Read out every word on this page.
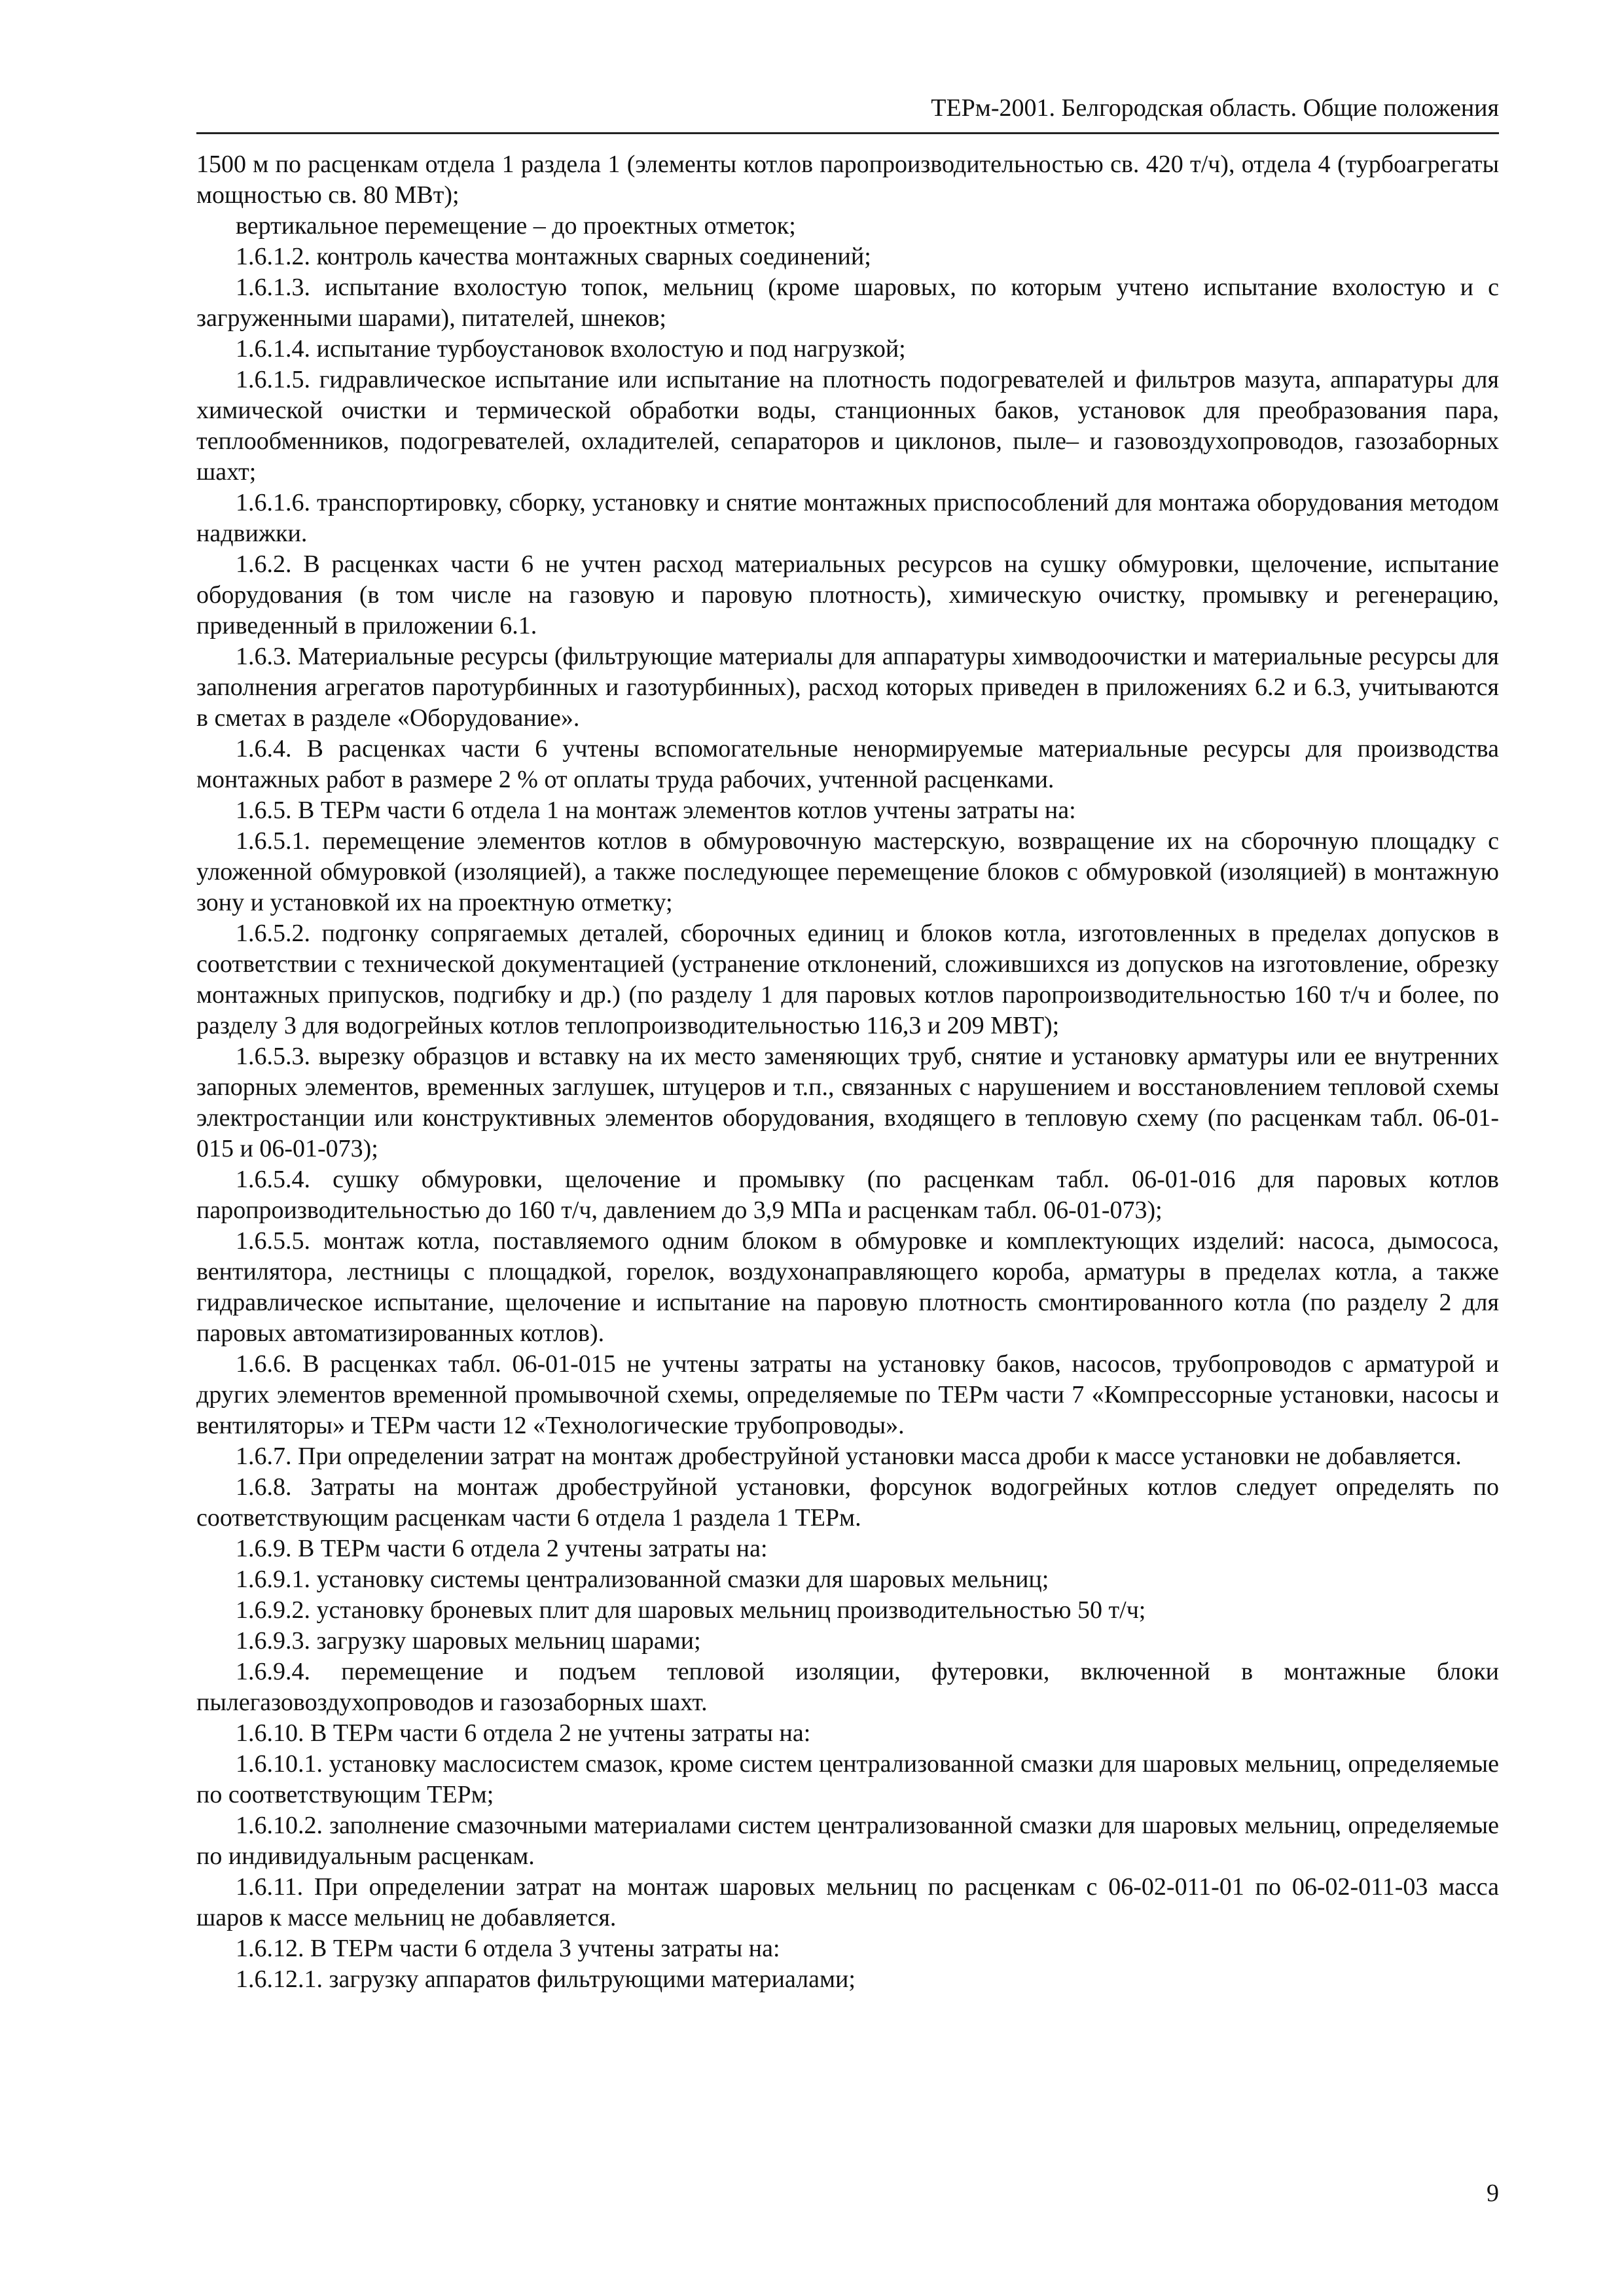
ТЕРм-2001. Белгородская область. Общие положения

1500 м по расценкам отдела 1 раздела 1 (элементы котлов паропроизводительностью св. 420 т/ч), отдела 4 (турбоагрегаты мощностью св. 80 МВт);

вертикальное перемещение – до проектных отметок;

1.6.1.2. контроль качества монтажных сварных соединений;

1.6.1.3. испытание вхолостую топок, мельниц (кроме шаровых, по которым учтено испытание вхолостую и с загруженными шарами), питателей, шнеков;

1.6.1.4. испытание турбоустановок вхолостую и под нагрузкой;

1.6.1.5. гидравлическое испытание или испытание на плотность подогревателей и фильтров мазута, аппаратуры для химической очистки и термической обработки воды, станционных баков, установок для преобразования пара, теплообменников, подогревателей, охладителей, сепараторов и циклонов, пыле– и газовоздухопроводов, газозаборных шахт;

1.6.1.6. транспортировку, сборку, установку и снятие монтажных приспособлений для монтажа оборудования методом надвижки.

1.6.2. В расценках части 6 не учтен расход материальных ресурсов на сушку обмуровки, щелочение, испытание оборудования (в том числе на газовую и паровую плотность), химическую очистку, промывку и регенерацию, приведенный в приложении 6.1.

1.6.3. Материальные ресурсы (фильтрующие материалы для аппаратуры химводоочистки и материальные ресурсы для заполнения агрегатов паротурбинных и газотурбинных), расход которых приведен в приложениях 6.2 и 6.3, учитываются в сметах в разделе «Оборудование».

1.6.4. В расценках части 6 учтены вспомогательные ненормируемые материальные ресурсы для производства монтажных работ в размере 2 % от оплаты труда рабочих, учтенной расценками.

1.6.5. В ТЕРм части 6 отдела 1 на монтаж элементов котлов учтены затраты на:

1.6.5.1. перемещение элементов котлов в обмуровочную мастерскую, возвращение их на сборочную площадку с уложенной обмуровкой (изоляцией), а также последующее перемещение блоков с обмуровкой (изоляцией) в монтажную зону и установкой их на проектную отметку;

1.6.5.2. подгонку сопрягаемых деталей, сборочных единиц и блоков котла, изготовленных в пределах допусков в соответствии с технической документацией (устранение отклонений, сложившихся из допусков на изготовление, обрезку монтажных припусков, подгибку и др.) (по разделу 1 для паровых котлов паропроизводительностью 160 т/ч и более, по разделу 3 для водогрейных котлов теплопроизводительностью 116,3 и 209 МВТ);

1.6.5.3. вырезку образцов и вставку на их место заменяющих труб, снятие и установку арматуры или ее внутренних запорных элементов, временных заглушек, штуцеров и т.п., связанных с нарушением и восстановлением тепловой схемы электростанции или конструктивных элементов оборудования, входящего в тепловую схему (по расценкам табл. 06-01-015 и 06-01-073);

1.6.5.4. сушку обмуровки, щелочение и промывку (по расценкам табл. 06-01-016 для паровых котлов паропроизводительностью до 160 т/ч, давлением до 3,9 МПа и расценкам табл. 06-01-073);

1.6.5.5. монтаж котла, поставляемого одним блоком в обмуровке и комплектующих изделий: насоса, дымососа, вентилятора, лестницы с площадкой, горелок, воздухонаправляющего короба, арматуры в пределах котла, а также гидравлическое испытание, щелочение и испытание на паровую плотность смонтированного котла (по разделу 2 для паровых автоматизированных котлов).

1.6.6. В расценках табл. 06-01-015 не учтены затраты на установку баков, насосов, трубопроводов с арматурой и других элементов временной промывочной схемы, определяемые по ТЕРм части 7 «Компрессорные установки, насосы и вентиляторы» и ТЕРм части 12 «Технологические трубопроводы».

1.6.7. При определении затрат на монтаж дробеструйной установки масса дроби к массе установки не добавляется.

1.6.8. Затраты на монтаж дробеструйной установки, форсунок водогрейных котлов следует определять по соответствующим расценкам части 6 отдела 1 раздела 1 ТЕРм.

1.6.9. В ТЕРм части 6 отдела 2 учтены затраты на:

1.6.9.1. установку системы централизованной смазки для шаровых мельниц;

1.6.9.2. установку броневых плит для шаровых мельниц производительностью 50 т/ч;

1.6.9.3. загрузку шаровых мельниц шарами;

1.6.9.4. перемещение и подъем тепловой изоляции, футеровки, включенной в монтажные блоки пылегазовоздухопроводов и газозаборных шахт.

1.6.10. В ТЕРм части 6 отдела 2 не учтены затраты на:

1.6.10.1. установку маслосистем смазок, кроме систем централизованной смазки для шаровых мельниц, определяемые по соответствующим ТЕРм;

1.6.10.2. заполнение смазочными материалами систем централизованной смазки для шаровых мельниц, определяемые по индивидуальным расценкам.

1.6.11. При определении затрат на монтаж шаровых мельниц по расценкам с 06-02-011-01 по 06-02-011-03 масса шаров к массе мельниц не добавляется.

1.6.12. В ТЕРм части 6 отдела 3 учтены затраты на:

1.6.12.1. загрузку аппаратов фильтрующими материалами;

9
